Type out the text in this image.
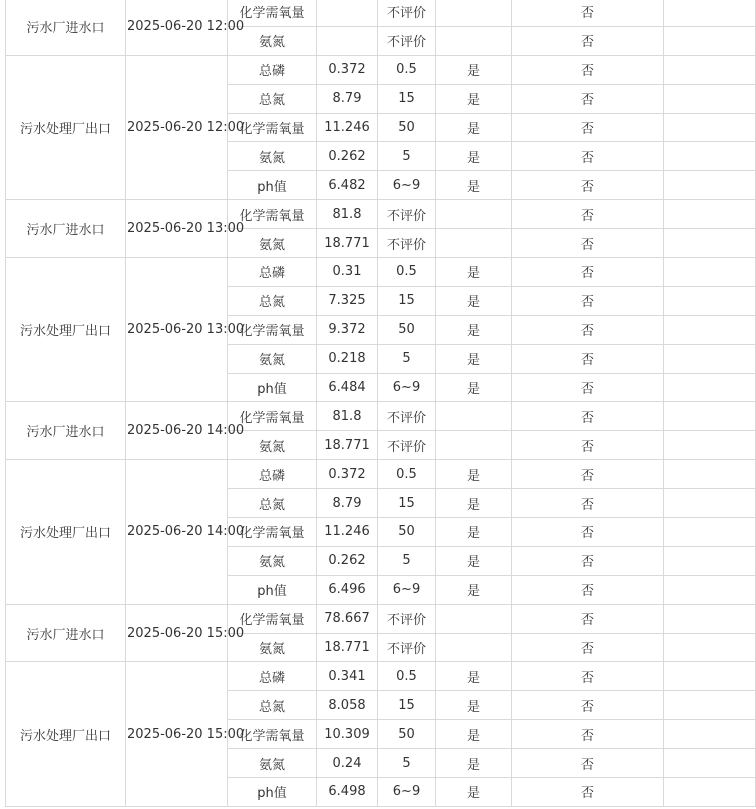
污水厂进水口	2025-06-20 12:00	化学需氧量		不评价		否	
		氨氮		不评价		否	
污水处理厂出口	2025-06-20 12:00	总磷	0.372	0.5	是	否	
		总氮	8.79	15	是	否	
		化学需氧量	11.246	50	是	否	
		氨氮	0.262	5	是	否	
		ph值	6.482	6~9	是	否	
污水厂进水口	2025-06-20 13:00	化学需氧量	81.8	不评价		否	
		氨氮	18.771	不评价		否	
污水处理厂出口	2025-06-20 13:00	总磷	0.31	0.5	是	否	
		总氮	7.325	15	是	否	
		化学需氧量	9.372	50	是	否	
		氨氮	0.218	5	是	否	
		ph值	6.484	6~9	是	否	
污水厂进水口	2025-06-20 14:00	化学需氧量	81.8	不评价		否	
		氨氮	18.771	不评价		否	
污水处理厂出口	2025-06-20 14:00	总磷	0.372	0.5	是	否	
		总氮	8.79	15	是	否	
		化学需氧量	11.246	50	是	否	
		氨氮	0.262	5	是	否	
		ph值	6.496	6~9	是	否	
污水厂进水口	2025-06-20 15:00	化学需氧量	78.667	不评价		否	
		氨氮	18.771	不评价		否	
污水处理厂出口	2025-06-20 15:00	总磷	0.341	0.5	是	否	
		总氮	8.058	15	是	否	
		化学需氧量	10.309	50	是	否	
		氨氮	0.24	5	是	否	
		ph值	6.498	6~9	是	否	
